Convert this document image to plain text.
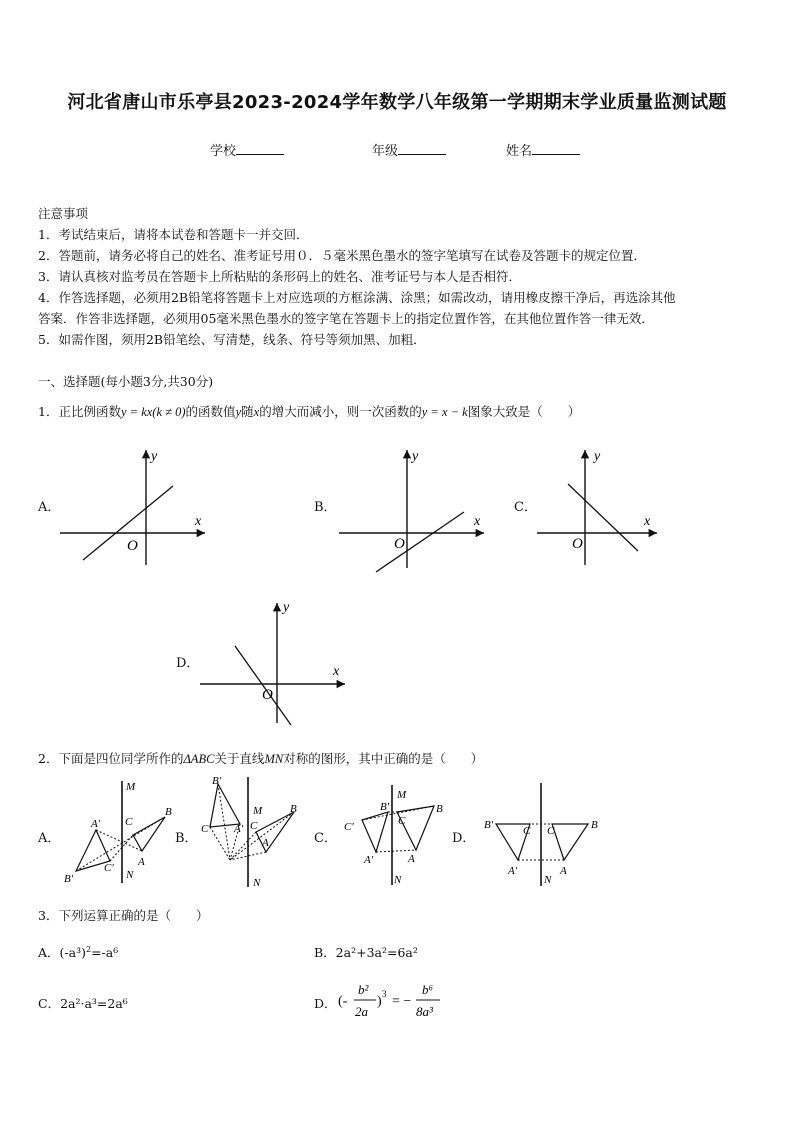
河北省唐山市乐亭县2023-2024学年数学八年级第一学期期末学业质量监测试题
学校	年级	姓名
注意事项
1．考试结束后，请将本试卷和答题卡一并交回．
2．答题前，请务必将自己的姓名、准考证号用０．５毫米黑色墨水的签字笔填写在试卷及答题卡的规定位置．
3．请认真核对监考员在答题卡上所粘贴的条形码上的姓名、准考证号与本人是否相符．
4．作答选择题，必须用2B铅笔将答题卡上对应选项的方框涂满、涂黑；如需改动，请用橡皮擦干净后，再选涂其他
答案．作答非选择题，必须用05毫米黑色墨水的签字笔在答题卡上的指定位置作答，在其他位置作答一律无效．
5．如需作图，须用2B铅笔绘、写清楚，线条、符号等须加黑、加粗．
一、选择题(每小题3分,共30分)
1．正比例函数y = kx(k ≠ 0)的函数值y随x的增大而减小，则一次函数的y = x − k图象大致是（　　）
A．	B．	C．
D．
x
y
O
x
y
O
x
y
O
x
y
O
2．下面是四位同学所作的ΔABC关于直线MN对称的图形，其中正确的是（　　）
A．	B．	C．	D．
M
N
A′
B′
C′
C
B
A
B′
C′ A′
M
N
C
B
A
M
N
B′
C′
A′
C
B
A
B′	C C	B
A′	A
N
3．下列运算正确的是（　　）
A．$(-a^3)^2=-a^6$	B．2a²+3a²=6a²
C．2a²·a³=2a⁶	D． (-
b²
2a
) 3 = −
b⁶
8a³
